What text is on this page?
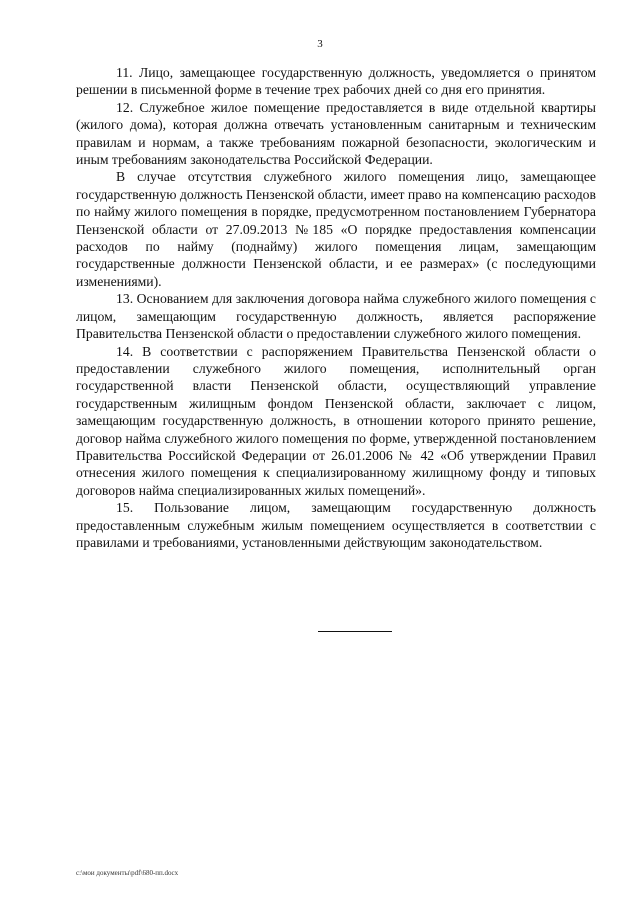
3

11. Лицо, замещающее государственную должность, уведомляется о принятом решении в письменной форме в течение трех рабочих дней со дня его принятия.

12. Служебное жилое помещение предоставляется в виде отдельной квартиры (жилого дома), которая должна отвечать установленным санитарным и техническим правилам и нормам, а также требованиям пожарной безопасности, экологическим и иным требованиям законодательства Российской Федерации.

В случае отсутствия служебного жилого помещения лицо, замещающее государственную должность Пензенской области, имеет право на компенсацию расходов по найму жилого помещения в порядке, предусмотренном постановлением Губернатора Пензенской области от 27.09.2013 №185 «О порядке предоставления компенсации расходов по найму (поднайму) жилого помещения лицам, замещающим государственные должности Пензенской области, и ее размерах» (с последующими изменениями).

13. Основанием для заключения договора найма служебного жилого помещения с лицом, замещающим государственную должность, является распоряжение Правительства Пензенской области о предоставлении служебного жилого помещения.

14. В соответствии с распоряжением Правительства Пензенской области о предоставлении служебного жилого помещения, исполнительный орган государственной власти Пензенской области, осуществляющий управление государственным жилищным фондом Пензенской области, заключает с лицом, замещающим государственную должность, в отношении которого принято решение, договор найма служебного жилого помещения по форме, утвержденной постановлением Правительства Российской Федерации от 26.01.2006 № 42 «Об утверждении Правил отнесения жилого помещения к специализированному жилищному фонду и типовых договоров найма специализированных жилых помещений».

15. Пользование лицом, замещающим государственную должность предоставленным служебным жилым помещением осуществляется в соответствии с правилами и требованиями, установленными действующим законодательством.

c:\мои документы\pdf\680-пп.docx
